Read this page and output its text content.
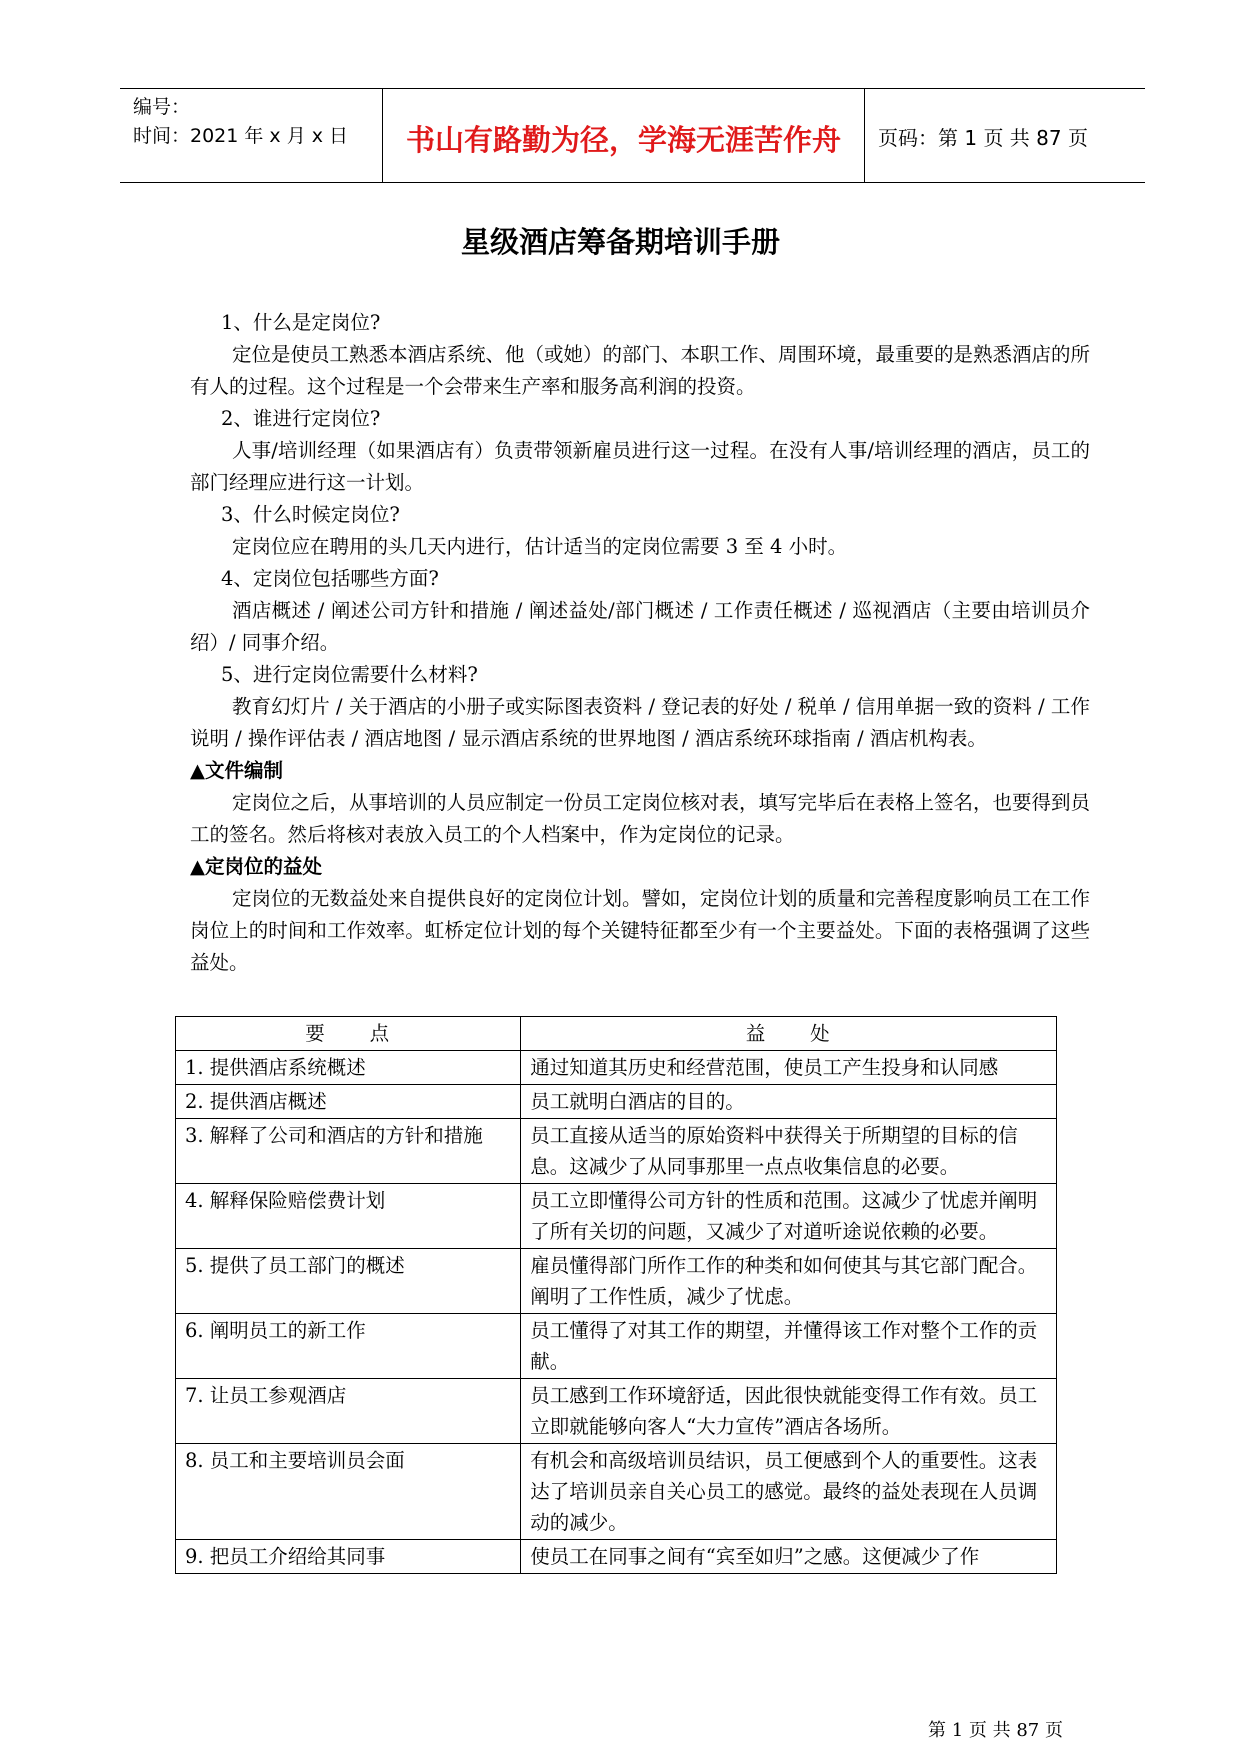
编号：
时间：2021 年 x 月 x 日	书山有路勤为径，学海无涯苦作舟	页码：第 1 页 共 87 页
星级酒店筹备期培训手册

1、什么是定岗位?

定位是使员工熟悉本酒店系统、他（或她）的部门、本职工作、周围环境，最重要的是熟悉酒店的所有人的过程。这个过程是一个会带来生产率和服务高利润的投资。

2、谁进行定岗位?

人事/培训经理（如果酒店有）负责带领新雇员进行这一过程。在没有人事/培训经理的酒店，员工的部门经理应进行这一计划。

3、什么时候定岗位?

定岗位应在聘用的头几天内进行，估计适当的定岗位需要 3 至 4 小时。

4、定岗位包括哪些方面?

酒店概述 / 阐述公司方针和措施 / 阐述益处/部门概述 / 工作责任概述 / 巡视酒店（主要由培训员介绍）/ 同事介绍。

5、进行定岗位需要什么材料?

教育幻灯片 / 关于酒店的小册子或实际图表资料 / 登记表的好处 / 税单 / 信用单据一致的资料 / 工作说明 / 操作评估表 / 酒店地图 / 显示酒店系统的世界地图 / 酒店系统环球指南 / 酒店机构表。

▲文件编制

定岗位之后，从事培训的人员应制定一份员工定岗位核对表，填写完毕后在表格上签名，也要得到员工的签名。然后将核对表放入员工的个人档案中，作为定岗位的记录。

▲定岗位的益处

定岗位的无数益处来自提供良好的定岗位计划。譬如，定岗位计划的质量和完善程度影响员工在工作岗位上的时间和工作效率。虹桥定位计划的每个关键特征都至少有一个主要益处。下面的表格强调了这些益处。

要　　点	益　　处
1. 提供酒店系统概述	通过知道其历史和经营范围，使员工产生投身和认同感
2. 提供酒店概述	员工就明白酒店的目的。
3. 解释了公司和酒店的方针和措施	员工直接从适当的原始资料中获得关于所期望的目标的信息。这减少了从同事那里一点点收集信息的必要。
4. 解释保险赔偿费计划	员工立即懂得公司方针的性质和范围。这减少了忧虑并阐明了所有关切的问题，又减少了对道听途说依赖的必要。
5. 提供了员工部门的概述	雇员懂得部门所作工作的种类和如何使其与其它部门配合。阐明了工作性质，减少了忧虑。
6. 阐明员工的新工作	员工懂得了对其工作的期望，并懂得该工作对整个工作的贡献。
7. 让员工参观酒店	员工感到工作环境舒适，因此很快就能变得工作有效。员工立即就能够向客人“大力宣传”酒店各场所。
8. 员工和主要培训员会面	有机会和高级培训员结识，员工便感到个人的重要性。这表达了培训员亲自关心员工的感觉。最终的益处表现在人员调动的减少。
9. 把员工介绍给其同事	使员工在同事之间有“宾至如归”之感。这便减少了作
第 1 页 共 87 页
